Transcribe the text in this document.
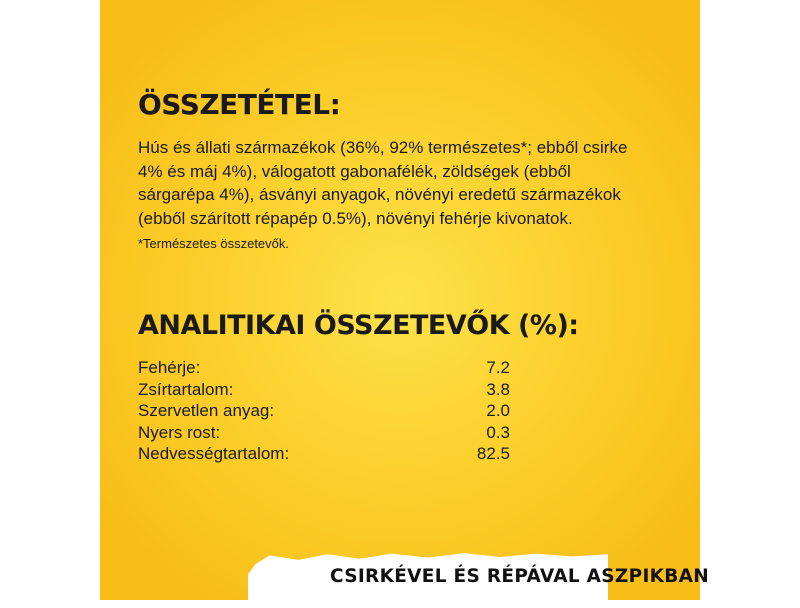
ÖSSZETÉTEL:

Hús és állati származékok (36%, 92% természetes*; ebből csirke
4% és máj 4%), válogatott gabonafélék, zöldségek (ebből
sárgarépa 4%), ásványi anyagok, növényi eredetű származékok
(ebből szárított répapép 0.5%), növényi fehérje kivonatok.

*Természetes összetevők.

ANALITIKAI ÖSSZETEVŐK (%):
Fehérje:	7.2
Zsírtartalom:	3.8
Szervetlen anyag:	2.0
Nyers rost:	0.3
Nedvességtartalom:	82.5

CSIRKÉVEL ÉS RÉPÁVAL ASZPIKBAN
